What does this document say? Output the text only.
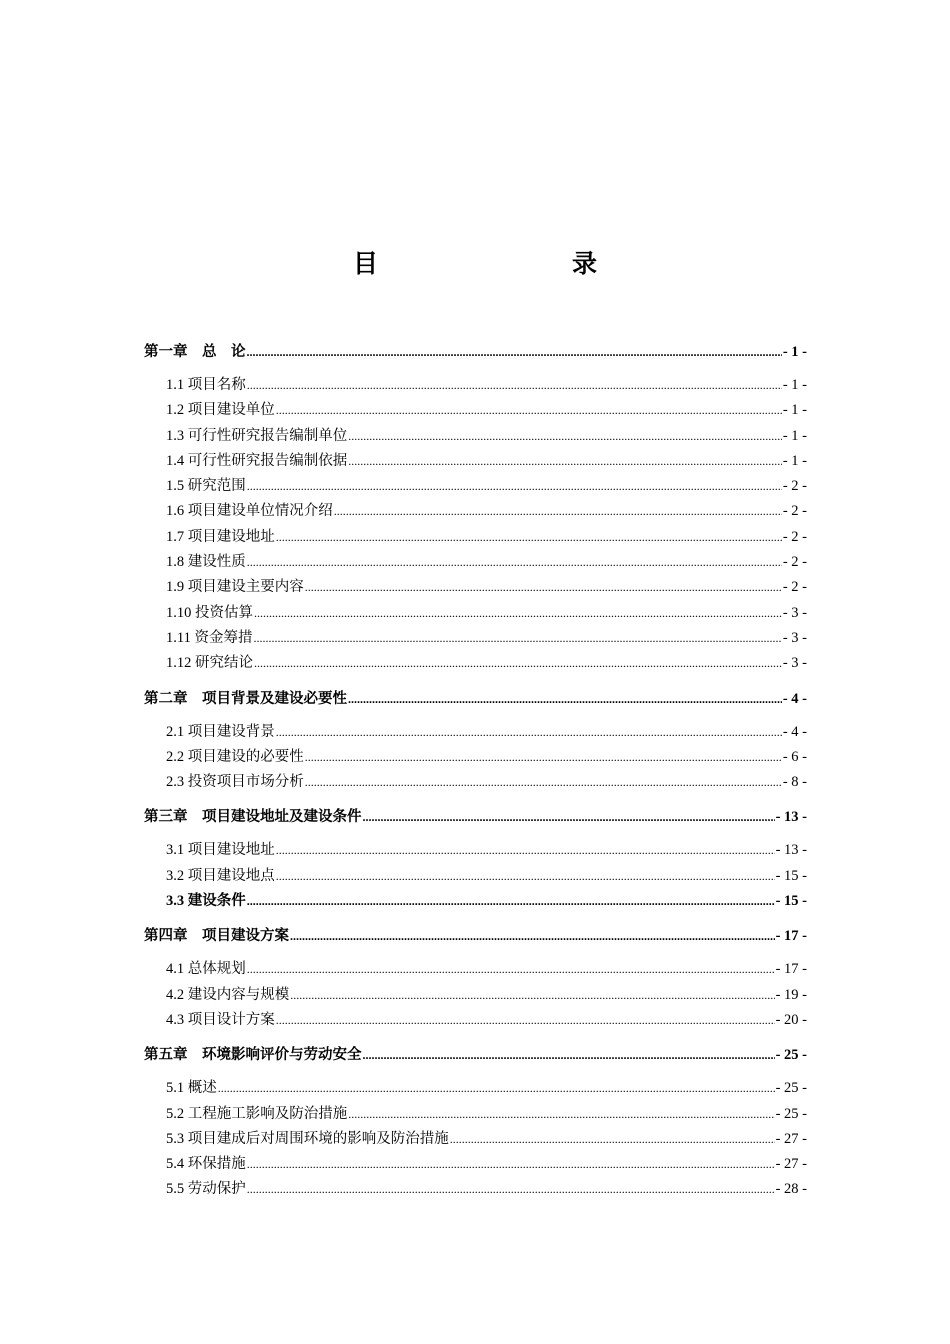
目　　录
第一章　总　论 .....	- 1 -
1.1 项目名称 .....	- 1 -
1.2 项目建设单位 .....	- 1 -
1.3 可行性研究报告编制单位 .....	- 1 -
1.4 可行性研究报告编制依据 .....	- 1 -
1.5 研究范围 .....	- 2 -
1.6 项目建设单位情况介绍 .....	- 2 -
1.7 项目建设地址 .....	- 2 -
1.8 建设性质 .....	- 2 -
1.9 项目建设主要内容 .....	- 2 -
1.10 投资估算 .....	- 3 -
1.11 资金筹措 .....	- 3 -
1.12 研究结论 .....	- 3 -
第二章　项目背景及建设必要性 .....	- 4 -
2.1 项目建设背景 .....	- 4 -
2.2 项目建设的必要性 .....	- 6 -
2.3 投资项目市场分析 .....	- 8 -
第三章　项目建设地址及建设条件 .....	- 13 -
3.1 项目建设地址 .....	- 13 -
3.2 项目建设地点 .....	- 15 -
3.3 建设条件 .....	- 15 -
第四章　项目建设方案 .....	- 17 -
4.1 总体规划 .....	- 17 -
4.2 建设内容与规模 .....	- 19 -
4.3 项目设计方案 .....	- 20 -
第五章　环境影响评价与劳动安全 .....	- 25 -
5.1 概述 .....	- 25 -
5.2 工程施工影响及防治措施 .....	- 25 -
5.3 项目建成后对周围环境的影响及防治措施 .....	- 27 -
5.4 环保措施 .....	- 27 -
5.5 劳动保护 .....	- 28 -
